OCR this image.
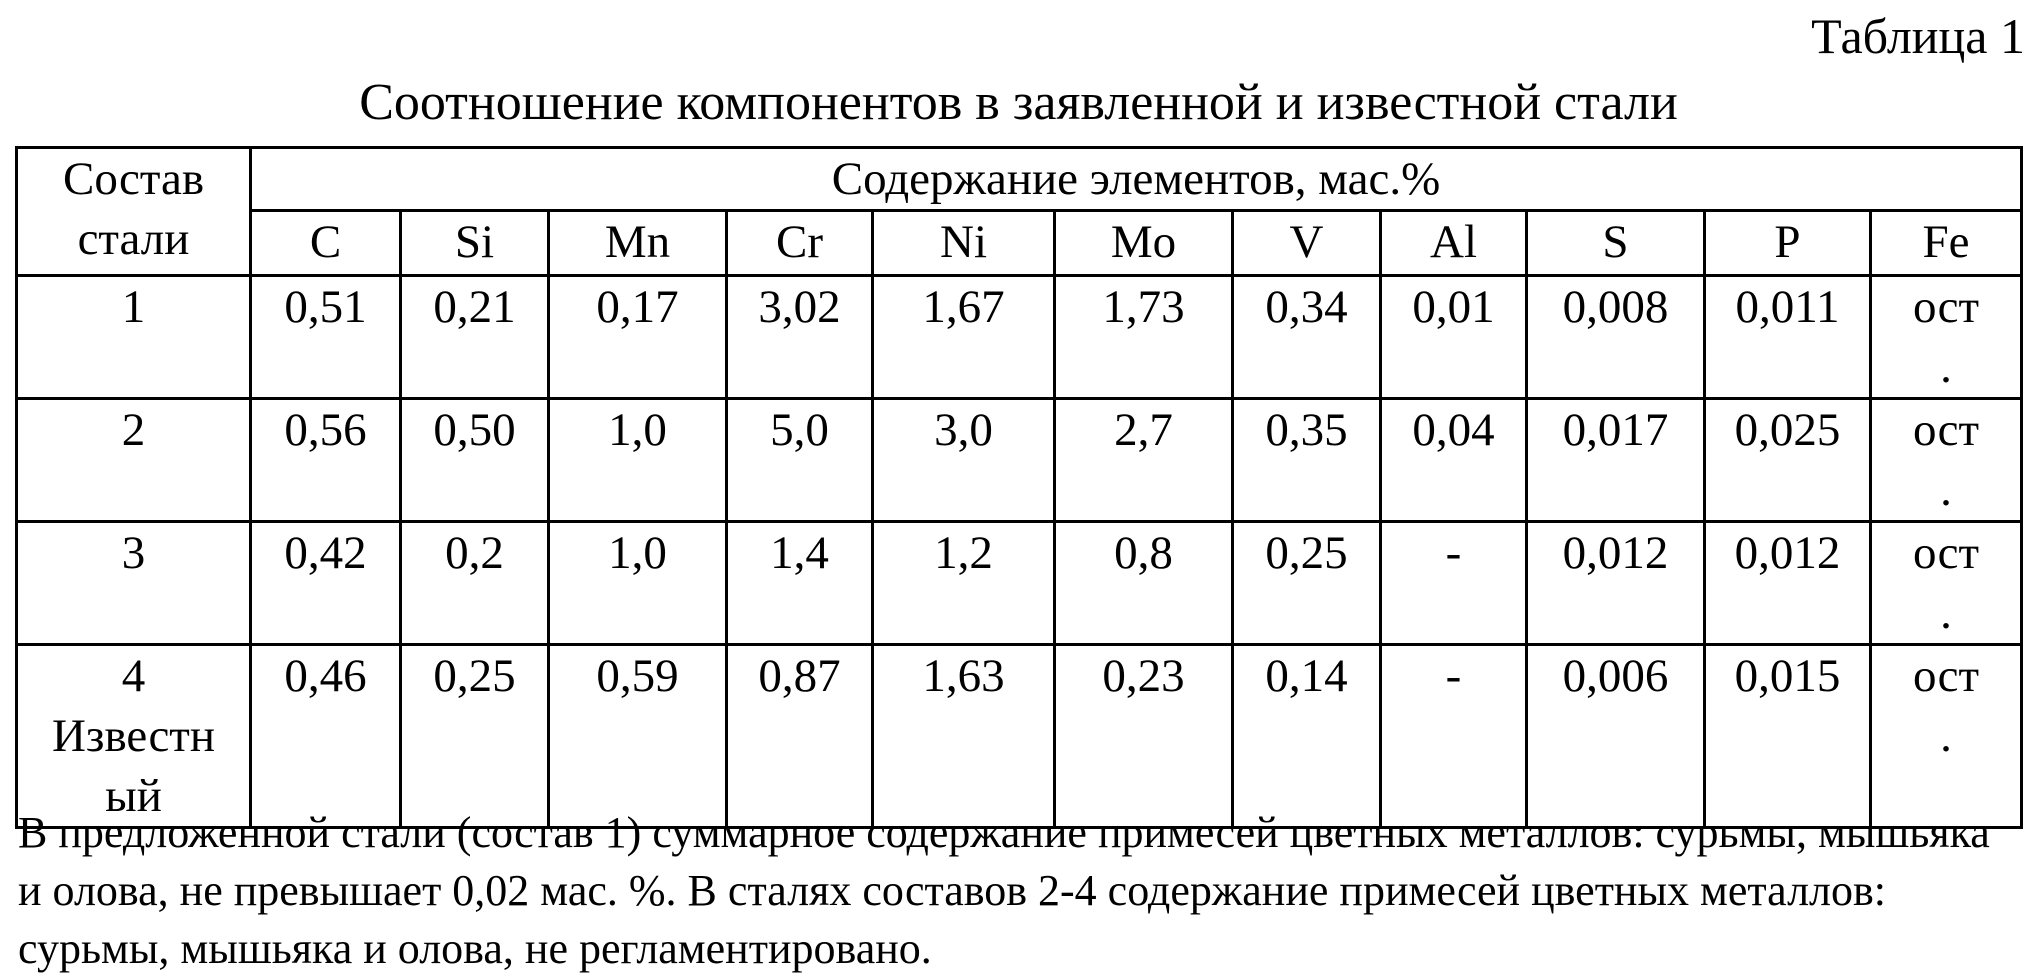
Таблица 1

Соотношение компонентов в заявленной и известной стали
Состав
стали	Содержание элементов, мас.%										
	C	Si	Mn	Cr	Ni	Mo	V	Al	S	P	Fe
1	0,51	0,21	0,17	3,02	1,67	1,73	0,34	0,01	0,008	0,011	ост
.

2	0,56	0,50	1,0	5,0	3,0	2,7	0,35	0,04	0,017	0,025	ост
.

3	0,42	0,2	1,0	1,4	1,2	0,8	0,25	-	0,012	0,012	ост
.

4
Известн
ый	0,46	0,25	0,59	0,87	1,63	0,23	0,14	-	0,006	0,015	ост
.

В предложенной стали (состав 1) суммарное содержание примесей цветных металлов: сурьмы, мышьяка и олова, не превышает 0,02 мас. %. В сталях составов 2-4 содержание примесей цветных металлов: сурьмы, мышьяка и олова, не регламентировано.
